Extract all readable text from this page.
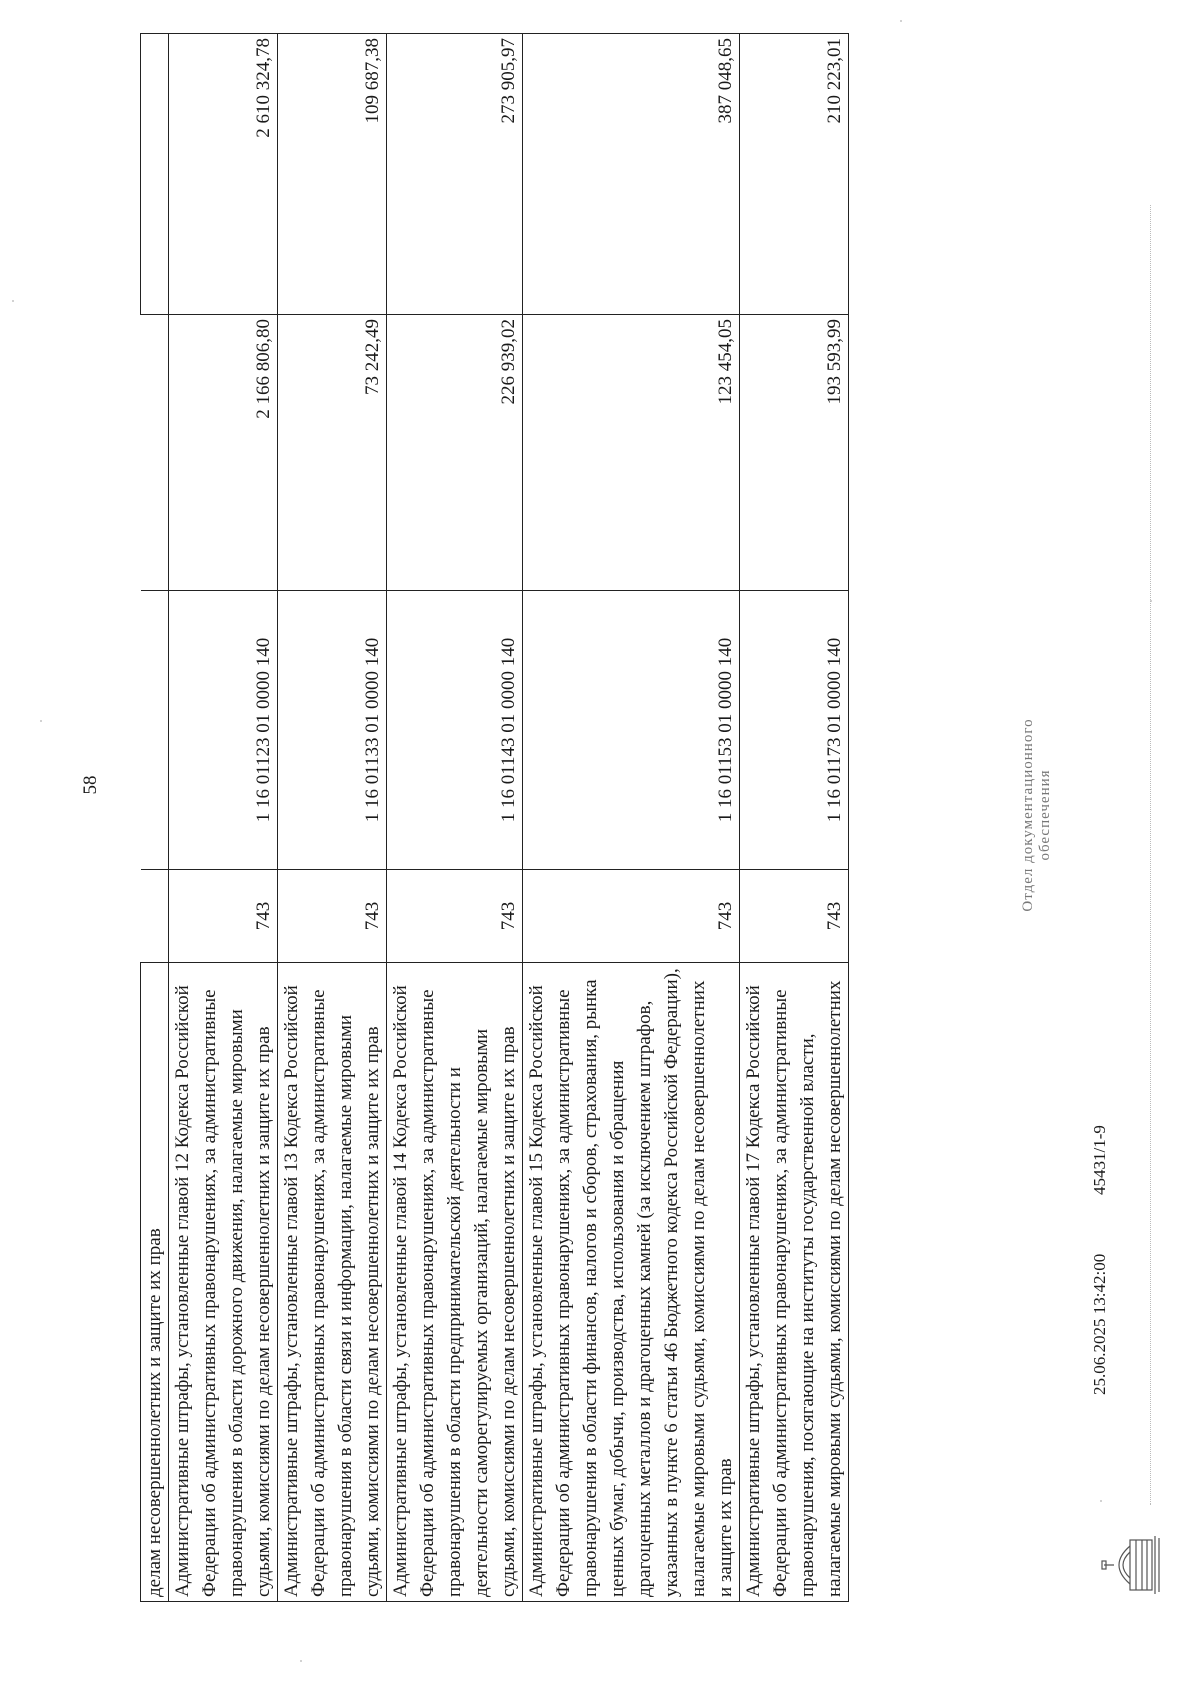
58
делам несовершеннолетних и защите их прав				
Административные штрафы, установленные главой 12 Кодекса Российской Федерации об административных правонарушениях, за административные правонарушения в области дорожного движения, налагаемые мировыми судьями, комиссиями по делам несовершеннолетних и защите их прав	743	1 16 01123 01 0000 140	2 166 806,80	2 610 324,78
Административные штрафы, установленные главой 13 Кодекса Российской Федерации об административных правонарушениях, за административные правонарушения в области связи и информации, налагаемые мировыми судьями, комиссиями по делам несовершеннолетних и защите их прав	743	1 16 01133 01 0000 140	73 242,49	109 687,38
Административные штрафы, установленные главой 14 Кодекса Российской Федерации об административных правонарушениях, за административные правонарушения в области предпринимательской деятельности и деятельности саморегулируемых организаций, налагаемые мировыми судьями, комиссиями по делам несовершеннолетних и защите их прав	743	1 16 01143 01 0000 140	226 939,02	273 905,97
Административные штрафы, установленные главой 15 Кодекса Российской Федерации об административных правонарушениях, за административные правонарушения в области финансов, налогов и сборов, страхования, рынка ценных бумаг, добычи, производства, использования и обращения драгоценных металлов и драгоценных камней (за исключением штрафов, указанных в пункте 6 статьи 46 Бюджетного кодекса Российской Федерации), налагаемые мировыми судьями, комиссиями по делам несовершеннолетних и защите их прав	743	1 16 01153 01 0000 140	123 454,05	387 048,65
Административные штрафы, установленные главой 17 Кодекса Российской Федерации об административных правонарушениях, за административные правонарушения, посягающие на институты государственной власти, налагаемые мировыми судьями, комиссиями по делам несовершеннолетних	743	1 16 01173 01 0000 140	193 593,99	210 223,01
Отдел документационного обеспечения
25.06.2025 13:42:00
45431/1-9
